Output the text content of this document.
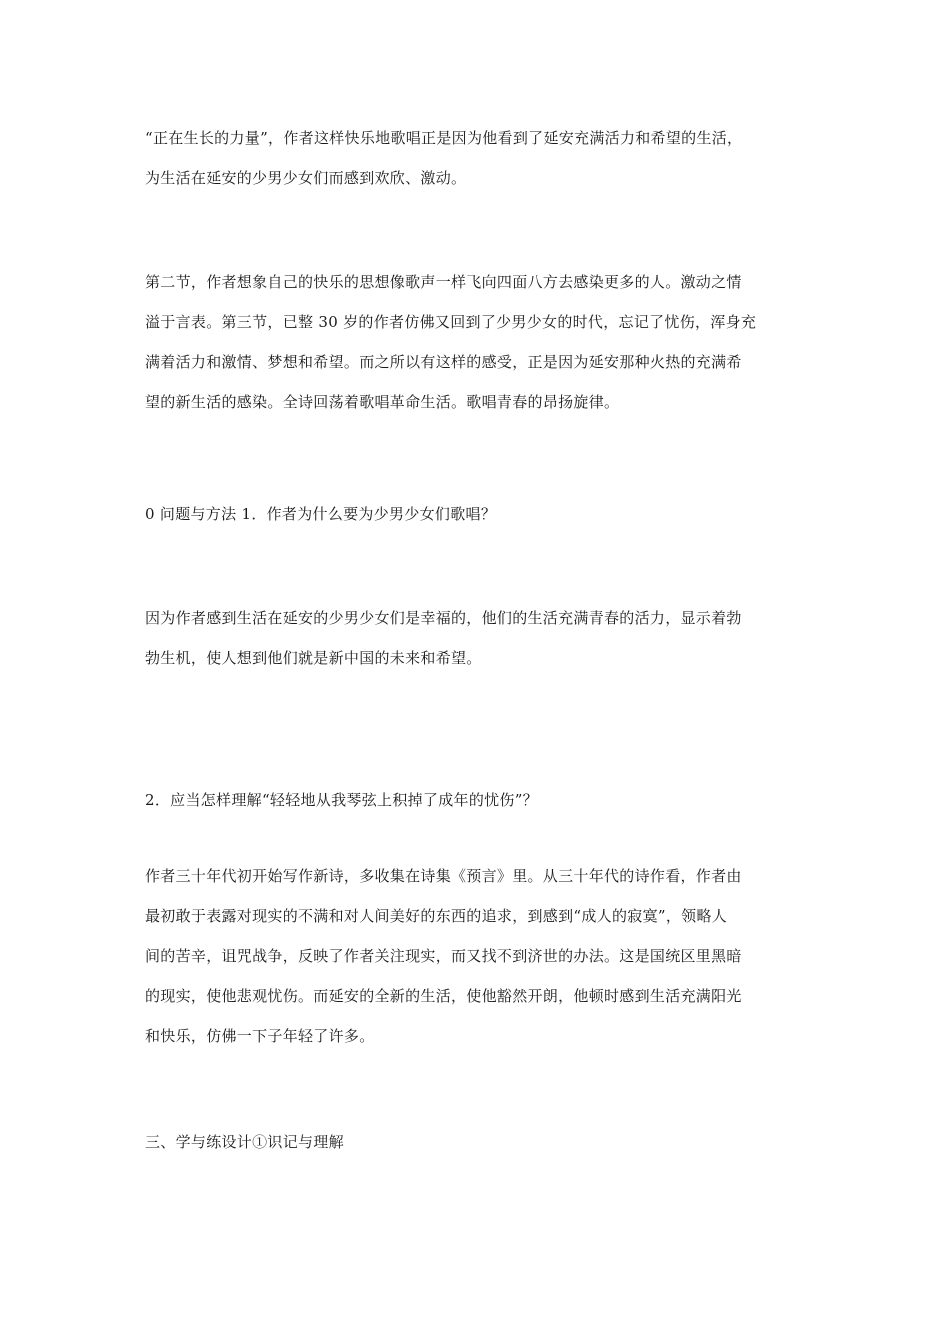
“正在生长的力量”，作者这样快乐地歌唱正是因为他看到了延安充满活力和希望的生活，
为生活在延安的少男少女们而感到欢欣、激动。

第二节，作者想象自己的快乐的思想像歌声一样飞向四面八方去感染更多的人。激动之情
溢于言表。第三节，已整 30 岁的作者仿佛又回到了少男少女的时代，忘记了忧伤，浑身充
满着活力和激情、梦想和希望。而之所以有这样的感受，正是因为延安那种火热的充满希
望的新生活的感染。全诗回荡着歌唱革命生活。歌唱青春的昂扬旋律。

0 问题与方法 1．作者为什么要为少男少女们歌唱？

因为作者感到生活在延安的少男少女们是幸福的，他们的生活充满青春的活力，显示着勃
勃生机，使人想到他们就是新中国的未来和希望。

2．应当怎样理解“轻轻地从我琴弦上积掉了成年的忧伤”？

作者三十年代初开始写作新诗，多收集在诗集《预言》里。从三十年代的诗作看，作者由
最初敢于表露对现实的不满和对人间美好的东西的追求，到感到“成人的寂寞”，领略人
间的苦辛，诅咒战争，反映了作者关注现实，而又找不到济世的办法。这是国统区里黑暗
的现实，使他悲观忧伤。而延安的全新的生活，使他豁然开朗，他顿时感到生活充满阳光
和快乐，仿佛一下子年轻了许多。

三、学与练设计①识记与理解
